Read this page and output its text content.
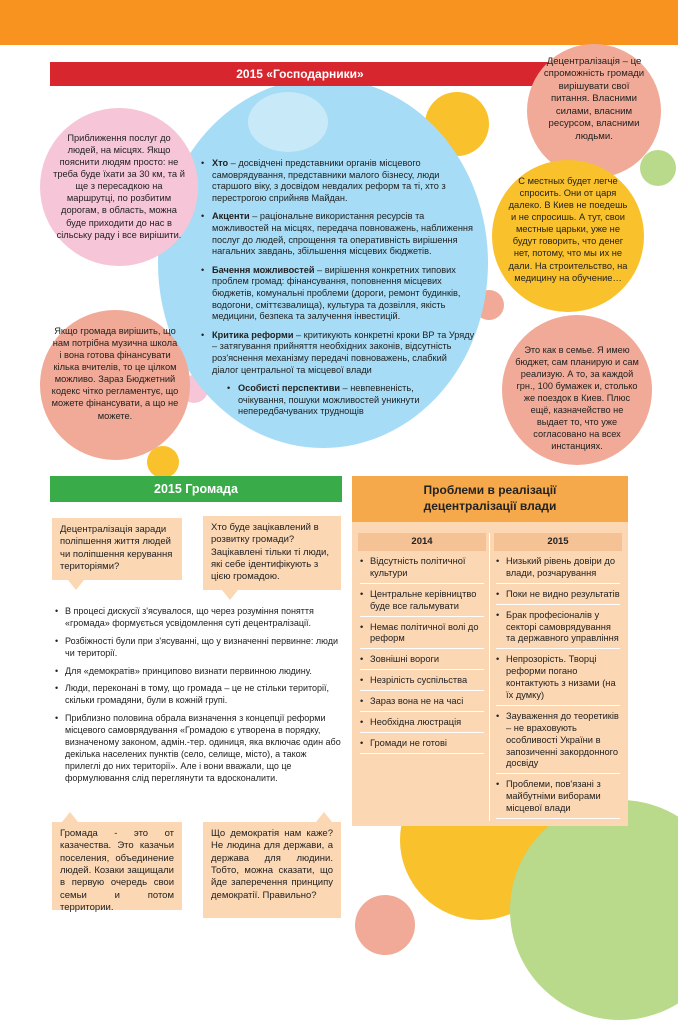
2015 «Господарники»
Децентралізація – це спроможність громади вирішувати свої питання. Власними силами, власним ресурсом, власними людьми.
Приближення послуг до людей, на місцях. Якщо пояснити людям просто: не треба буде їхати за 30 км, та й ще з пересадкою на маршрутці, по розбитим дорогам, в область, можна буде приходити до нас в сільську раду і все вирішити.
С местных будет легче спросить. Они от царя далеко. В Киев не поедешь и не спросишь. А тут, свои местные царьки, уже не будут говорить, что денег нет, потому, что мы их не дали. На строительство, на медицину на обучение…
Якщо громада вирішить, що нам потрібна музична школа і вона готова фінансувати кілька вчителів, то це цілком можливо. Зараз Бюджетний кодекс чітко регламентує, що можете фінансувати, а що не можете.
Это как в семье. Я имею бюджет, сам планирую и сам реализую. А то, за каждой грн., 100 бумажек и, столько же поездок в Киев. Плюс ещё, казначейство не выдает то, что уже согласовано на всех инстанциях.
• Хто – досвідчені представники органів місцевого самоврядування, представники малого бізнесу, люди старшого віку, з досвідом невдалих реформ та ті, хто з перестрогою сприйняв Майдан.
• Акценти – раціональне використання ресурсів та можливостей на місцях, передача повноважень, наближення послуг до людей, спрощення та оперативність вирішення нагальних завдань, збільшення місцевих бюджетів.
• Бачення можливостей – вирішення конкретних типових проблем громад: фінансування, поповнення місцевих бюджетів, комунальні проблеми (дороги, ремонт будинків, водогони, сміттєзвалища), культура та дозвілля, якість медицини, безпека та залучення інвестицій.
• Критика реформи – критикують конкретні кроки ВР та Уряду – затягування прийняття необхідних законів, відсутність роз'яснення механізму передачі повноважень, слабкий діалог центральної та місцевої влади
• Особисті перспективи – невпевненість, очікування, пошуки можливостей уникнути непередбачуваних труднощів
2015 Громада
Децентралізація заради поліпшення життя людей чи поліпшення керування територіями?
Хто буде зацікавлений в розвитку громади? Зацікавлені тільки ті люди, які себе ідентифікують з цією громадою.
• В процесі дискусії з'ясувалося, що через розуміння поняття «громада» формується усвідомлення суті децентралізації.
• Розбіжності були при з'ясуванні, що у визначенні первинне: люди чи території.
• Для «демократів» принципово визнати первинною людину.
• Люди, переконані в тому, що громада – це не стільки території, скільки громадяни, були в кожній групі.
• Приблизно половина обрала визначення з концепції реформи місцевого самоврядування «Громадою є утворена в порядку, визначеному законом, адмін.-тер. одиниця, яка включає один або декілька населених пунктів (село, селище, місто), а також прилеглі до них території». Але і вони вважали, що це формулювання слід переглянути та вдосконалити.
Громада - это от казачества. Это казачьи поселения, объединение людей. Козаки защищали в первую очередь свои семьи и потом территории.
Що демократія нам каже? Не людина для держави, а держава для людини. Тобто, можна сказати, що йде заперечення принципу демократії. Правильно?
Проблеми в реалізації децентралізації влади
2014	2015
• Відсутність політичної культури
• Центральне керівництво буде все гальмувати
• Немає політичної волі до реформ
• Зовнішні вороги
• Незрілість суспільства
• Зараз вона не на часі
• Необхідна люстрація
• Громади не готові
• Низький рівень довіри до влади, розчарування
• Поки не видно результатів
• Брак професіоналів у секторі самоврядування та державного управління
• Непрозорість. Творці реформи погано контактують з низами (на їх думку)
• Зауваження до теоретиків – не враховують особливості України в запозиченні закордонного досвіду
• Проблеми, пов'язані з майбутніми виборами місцевої влади
